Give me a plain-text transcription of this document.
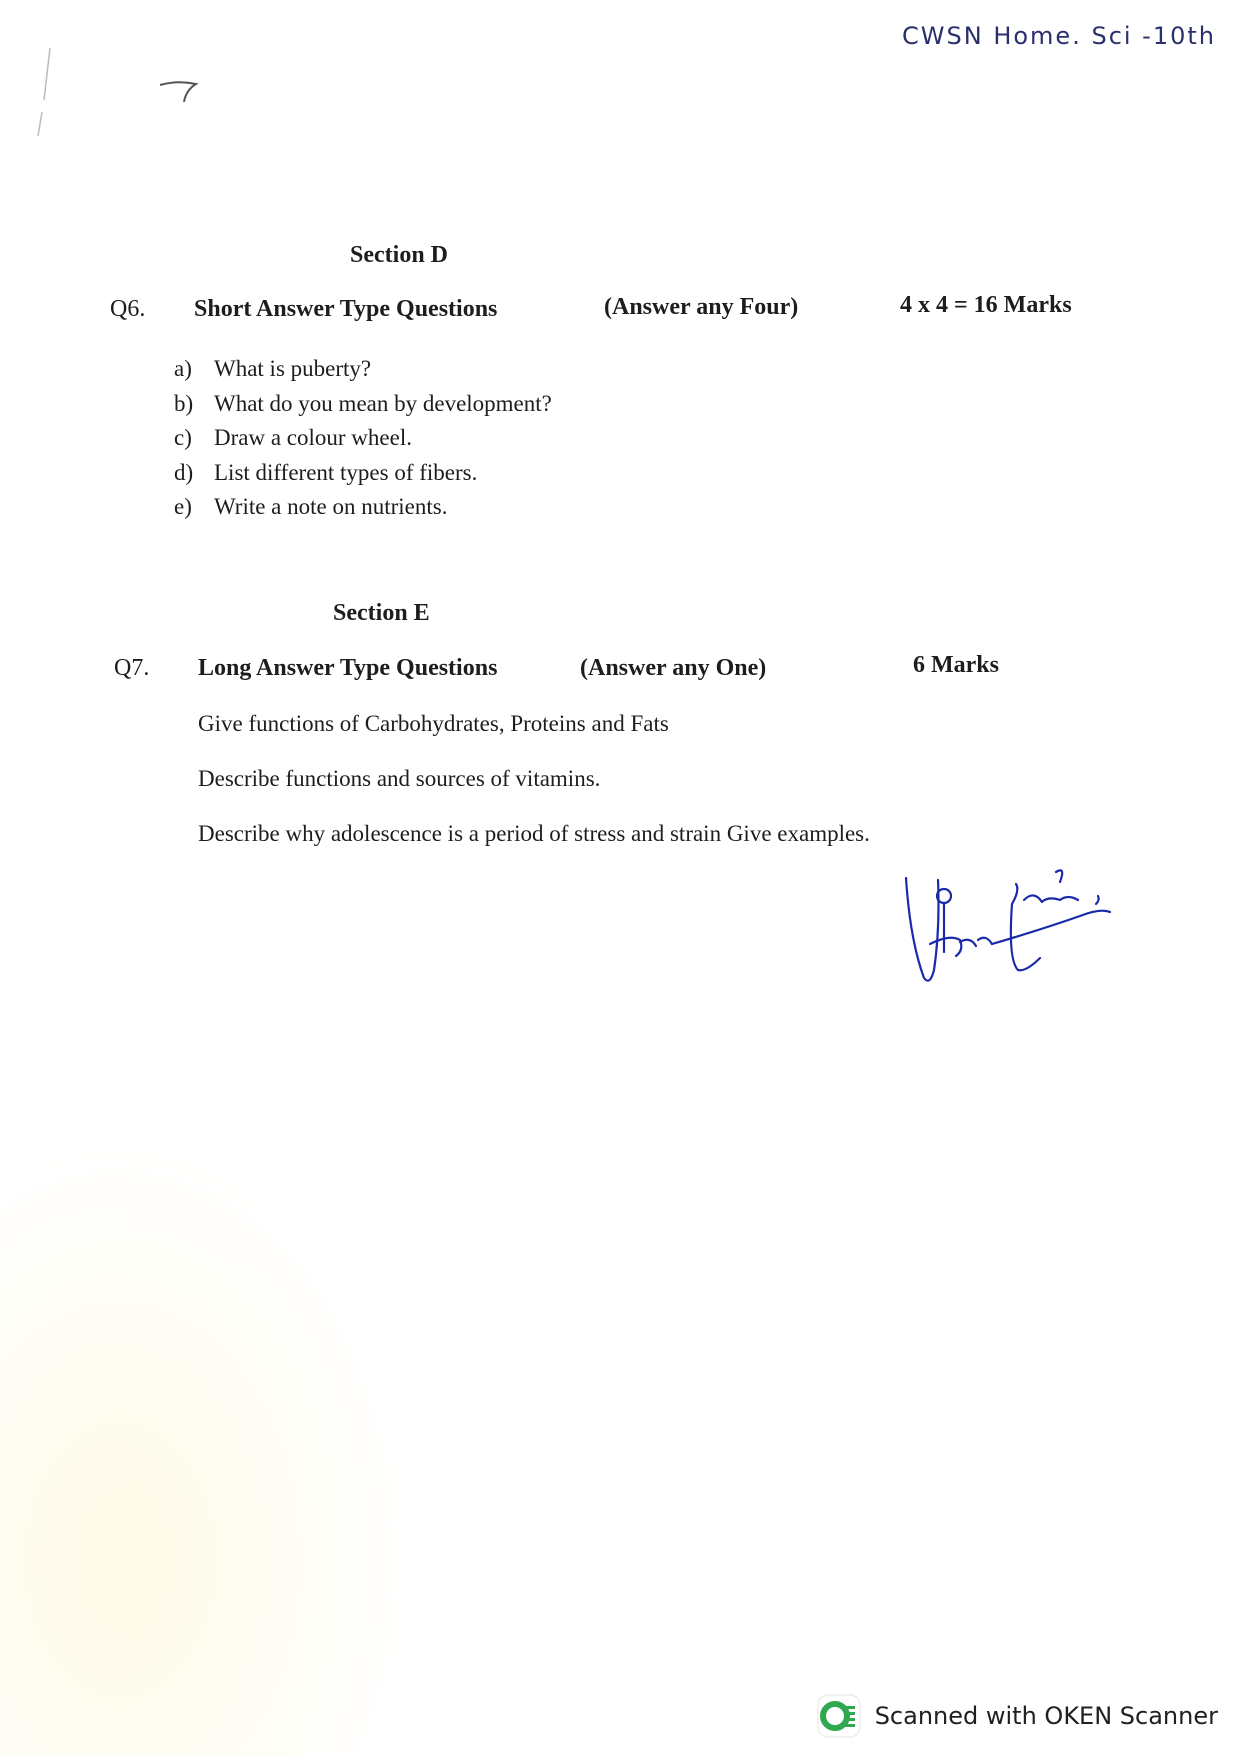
CWSN Home. Sci -10th
Section D
Q6. Short Answer Type Questions	(Answer any Four)	4 x 4 = 16 Marks
a) What is puberty?
b) What do you mean by development?
c) Draw a colour wheel.
d) List different types of fibers.
e) Write a note on nutrients.
Section E
Q7. Long Answer Type Questions	(Answer any One)	6 Marks
Give functions of Carbohydrates, Proteins and Fats
Describe functions and sources of vitamins.
Describe why adolescence is a period of stress and strain Give examples.
Scanned with OKEN Scanner
